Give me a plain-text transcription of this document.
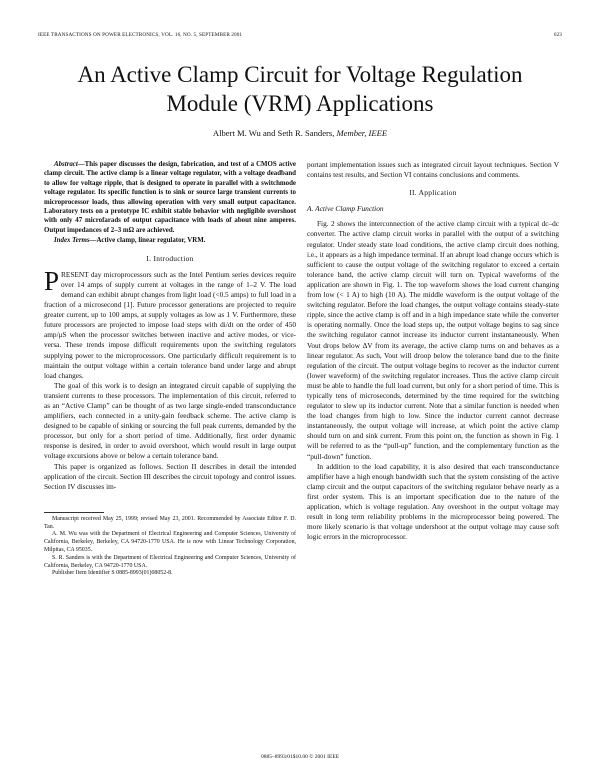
IEEE TRANSACTIONS ON POWER ELECTRONICS, VOL. 16, NO. 5, SEPTEMBER 2001	623
An Active Clamp Circuit for Voltage Regulation
Module (VRM) Applications
Albert M. Wu and Seth R. Sanders, Member, IEEE

Abstract—This paper discusses the design, fabrication, and test of a CMOS active clamp circuit. The active clamp is a linear voltage regulator, with a voltage deadband to allow for voltage ripple, that is designed to operate in parallel with a switchmode voltage regulator. Its specific function is to sink or source large transient currents to microprocessor loads, thus allowing operation with very small output capacitance. Laboratory tests on a prototype IC exhibit stable behavior with negligible overshoot with only 47 microfarads of output capacitance with loads of about nine amperes. Output impedances of 2–3 mΩ are achieved.

Index Terms—Active clamp, linear regulator, VRM.

I. Introduction

PRESENT day microprocessors such as the Intel Pentium series devices require over 14 amps of supply current at voltages in the range of 1–2 V. The load demand can exhibit abrupt changes from light load (<0.5 amps) to full load in a fraction of a microsecond [1]. Future processor generations are projected to require greater current, up to 100 amps, at supply voltages as low as 1 V. Furthermore, these future processors are projected to impose load steps with di/dt on the order of 450 amp/μS when the processor switches between inactive and active modes, or vice-versa. These trends impose difficult requirements upon the switching regulators supplying power to the microprocessors. One particularly difficult requirement is to maintain the output voltage within a certain tolerance band under large and abrupt load changes.

The goal of this work is to design an integrated circuit capable of supplying the transient currents to these processors. The implementation of this circuit, referred to as an “Active Clamp” can be thought of as two large single-ended transconductance amplifiers, each connected in a unity-gain feedback scheme. The active clamp is designed to be capable of sinking or sourcing the full peak currents, demanded by the processor, but only for a short period of time. Additionally, first order dynamic response is desired, in order to avoid overshoot, which would result in large output voltage excursions above or below a certain tolerance band.

This paper is organized as follows. Section II describes in detail the intended application of the circuit. Section III describes the circuit topology and control issues. Section IV discusses im-

Manuscript received May 25, 1999; revised May 23, 2001. Recommended by Associate Editor F. D. Tan.

A. M. Wu was with the Department of Electrical Engineering and Computer Sciences, University of California, Berkeley, Berkeley, CA 94720-1770 USA. He is now with Linear Technology Corporation, Milpitas, CA 95035.

S. R. Sanders is with the Department of Electrical Engineering and Computer Sciences, University of California, Berkeley, CA 94720-1770 USA.

Publisher Item Identifier S 0885-8993(01)08052-8.

portant implementation issues such as integrated circuit layout techniques. Section V contains test results, and Section VI contains conclusions and comments.

II. Application
A. Active Clamp Function

Fig. 2 shows the interconnection of the active clamp circuit with a typical dc–dc converter. The active clamp circuit works in parallel with the output of a switching regulator. Under steady state load conditions, the active clamp circuit does nothing, i.e., it appears as a high impedance terminal. If an abrupt load change occurs which is sufficient to cause the output voltage of the switching regulator to exceed a certain tolerance band, the active clamp circuit will turn on. Typical waveforms of the application are shown in Fig. 1. The top waveform shows the load current changing from low (< 1 A) to high (10 A). The middle waveform is the output voltage of the switching regulator. Before the load changes, the output voltage contains steady-state ripple, since the active clamp is off and in a high impedance state while the converter is operating normally. Once the load steps up, the output voltage begins to sag since the switching regulator cannot increase its inductor current instantaneously. When Vout drops below ΔV from its average, the active clamp turns on and behaves as a linear regulator. As such, Vout will droop below the tolerance band due to the finite regulation of the circuit. The output voltage begins to recover as the inductor current (lower waveform) of the switching regulator increases. Thus the active clamp circuit must be able to handle the full load current, but only for a short period of time. This is typically tens of microseconds, determined by the time required for the switching regulator to slew up its inductor current. Note that a similar function is needed when the load changes from high to low. Since the inductor current cannot decrease instantaneously, the output voltage will increase, at which point the active clamp should turn on and sink current. From this point on, the function as shown in Fig. 1 will be referred to as the “pull-up” function, and the complementary function as the “pull-down” function.

In addition to the load capability, it is also desired that each transconductance amplifier have a high enough bandwidth such that the system consisting of the active clamp circuit and the output capacitors of the switching regulator behave nearly as a first order system. This is an important specification due to the nature of the application, which is voltage regulation. Any overshoot in the output voltage may result in long term reliability problems in the microprocessor being powered. The more likely scenario is that voltage undershoot at the output voltage may cause soft logic errors in the microprocessor.

0885–8993/01$10.00 © 2001 IEEE
